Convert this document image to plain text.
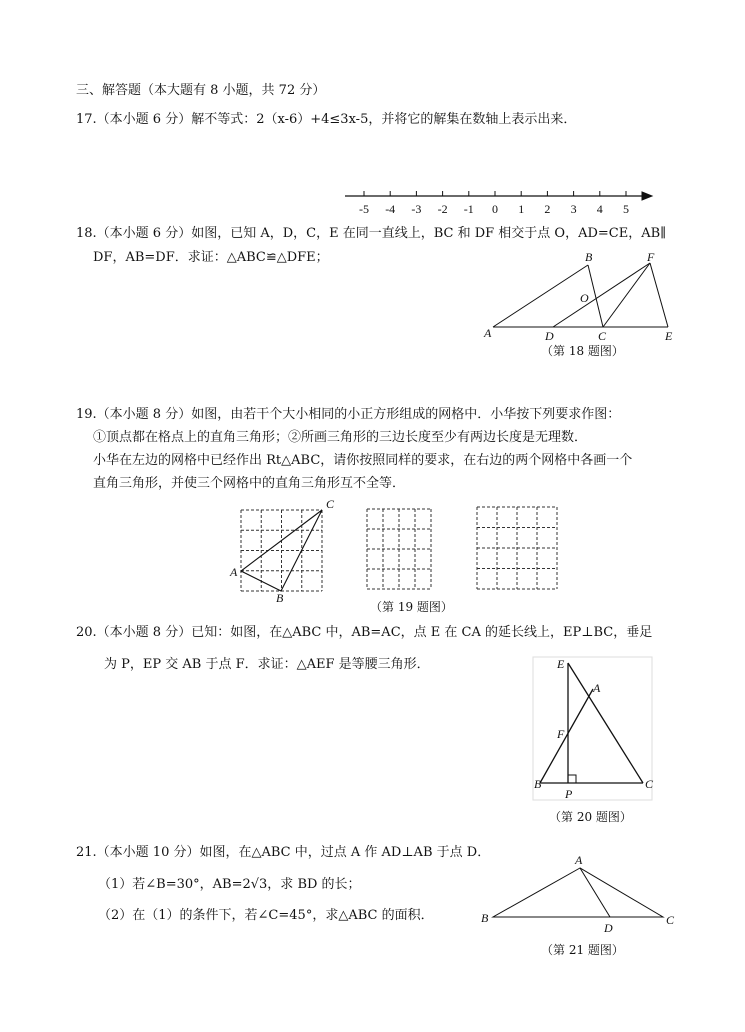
三、解答题（本大题有 8 小题，共 72 分）
17.（本小题 6 分）解不等式：2（x-6）+4≤3x-5，并将它的解集在数轴上表示出来．
-5 -4 -3 -2 -1 0 1 2 3 4 5
A
B
C
D	E
F
O
C
A
B
E
A
F
B	C
P
A
B	C
D
18.（本小题 6 分）如图，已知 A，D，C，E 在同一直线上，BC 和 DF 相交于点 O，AD=CE，AB∥
DF，AB=DF．求证：△ABC≌△DFE；
（第 18 题图）
19.（本小题 8 分）如图，由若干个大小相同的小正方形组成的网格中．小华按下列要求作图：
①顶点都在格点上的直角三角形；②所画三角形的三边长度至少有两边长度是无理数．
小华在左边的网格中已经作出 Rt△ABC，请你按照同样的要求，在右边的两个网格中各画一个
直角三角形，并使三个网格中的直角三角形互不全等．
（第 19 题图）
20.（本小题 8 分）已知：如图，在△ABC 中，AB=AC，点 E 在 CA 的延长线上，EP⊥BC，垂足
为 P，EP 交 AB 于点 F．求证：△AEF 是等腰三角形．
（第 20 题图）
21.（本小题 10 分）如图，在△ABC 中，过点 A 作 AD⊥AB 于点 D．
（1）若∠B=30°，AB=2√3，求 BD 的长；
（2）在（1）的条件下，若∠C=45°，求△ABC 的面积．
（第 21 题图）
